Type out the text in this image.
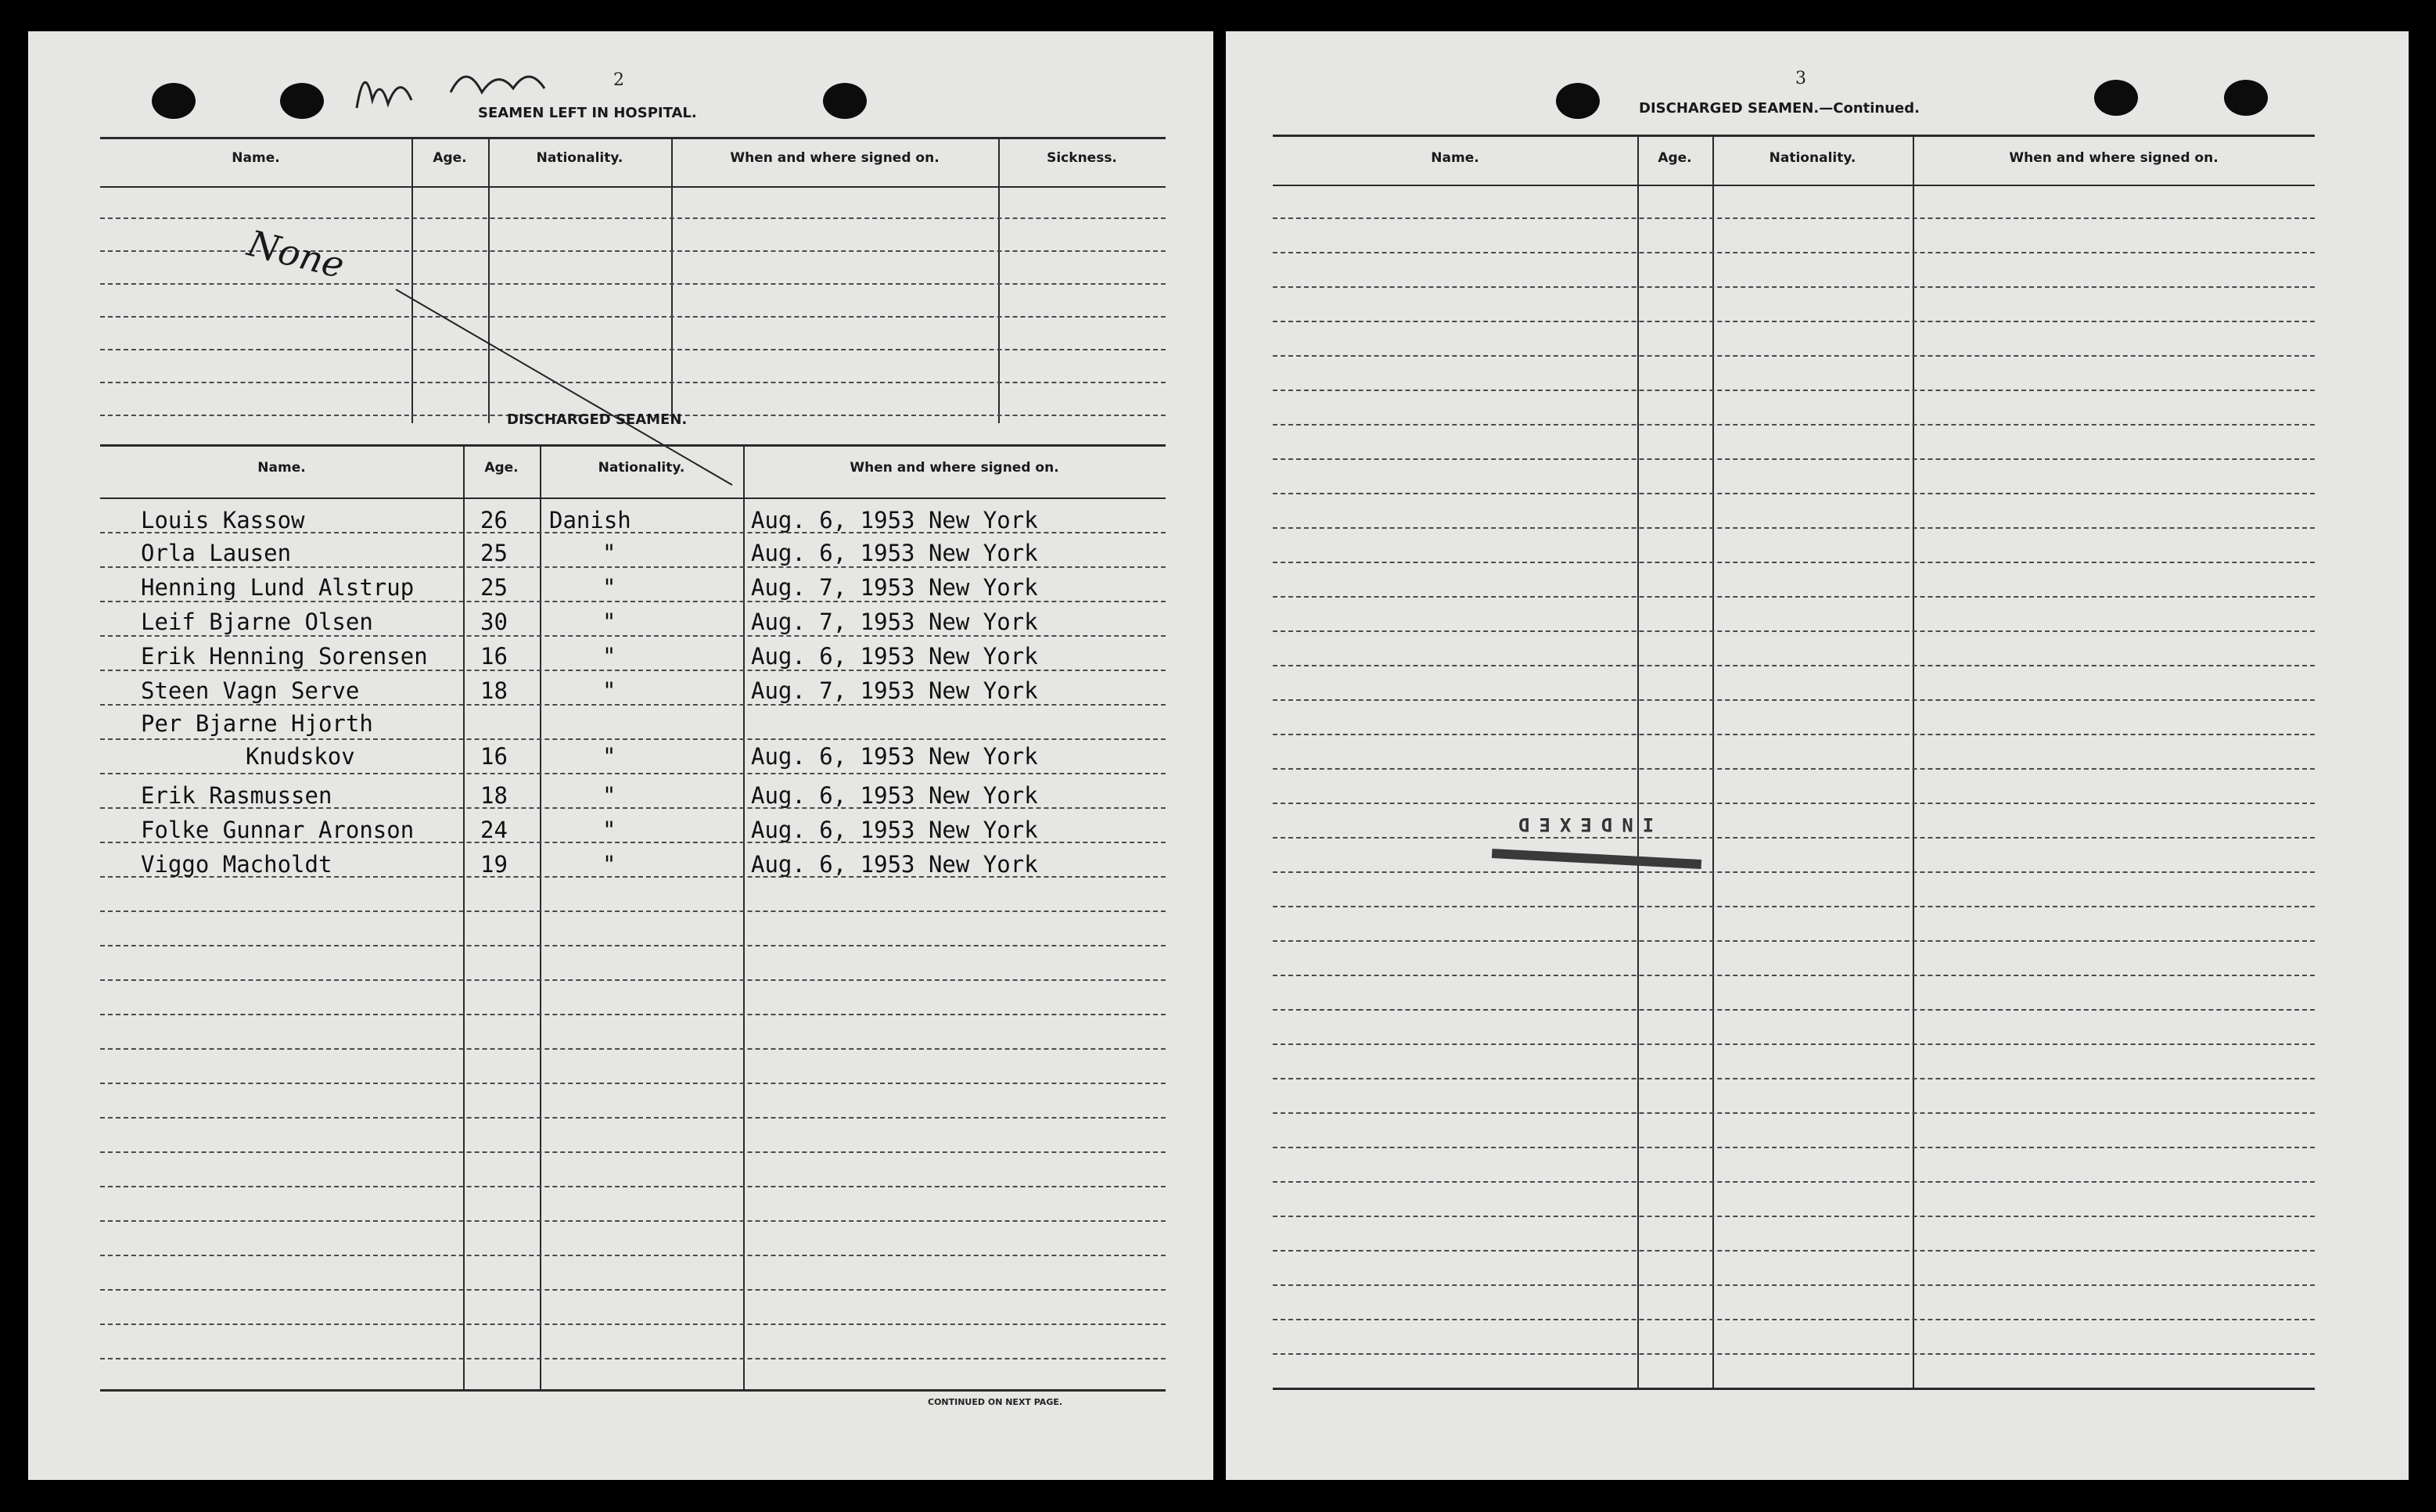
2
SEAMEN LEFT IN HOSPITAL.
Name.	Age.	Nationality.	When and where signed on.	Sickness.
None
DISCHARGED SEAMEN.
Name.	Age.	Nationality.	When and where signed on.
Louis Kassow	26 Danish	Aug. 6, 1953 New York
Orla Lausen	25	"	Aug. 6, 1953 New York
Henning Lund Alstrup	25	"	Aug. 7, 1953 New York
Leif Bjarne Olsen	30	"	Aug. 7, 1953 New York
Erik Henning Sorensen 16	"	Aug. 6, 1953 New York
Steen Vagn Serve	18	"	Aug. 7, 1953 New York
Per Bjarne Hjorth
Knudskov	16	"	Aug. 6, 1953 New York
Erik Rasmussen	18	"	Aug. 6, 1953 New York
Folke Gunnar Aronson	24	"	Aug. 6, 1953 New York
Viggo Macholdt	19	"	Aug. 6, 1953 New York
CONTINUED ON NEXT PAGE.
3
DISCHARGED SEAMEN.—Continued.
Name.	Age.	Nationality.	When and where signed on.
INDEXED
